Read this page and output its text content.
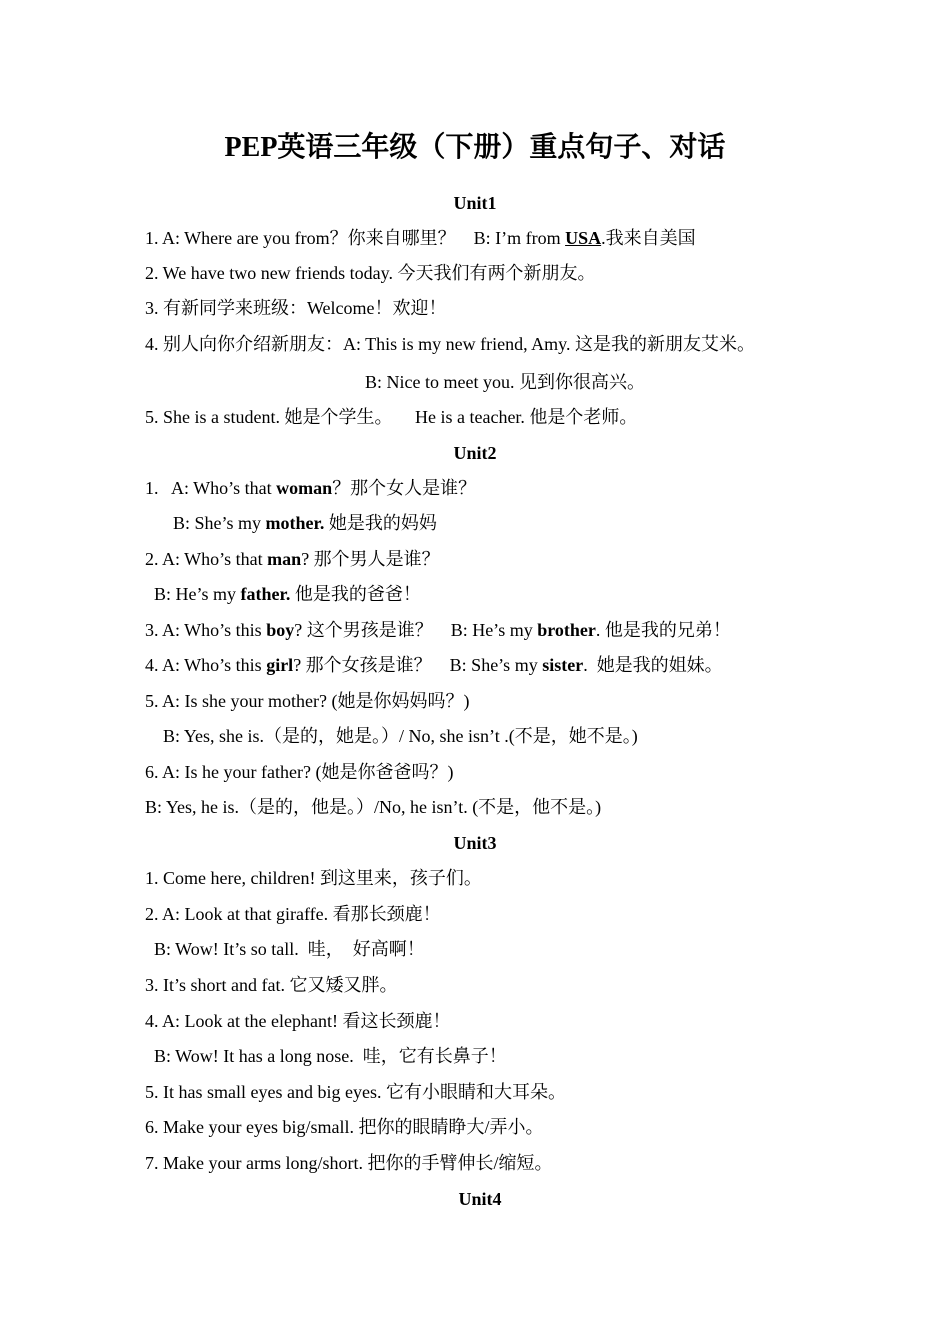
PEP英语三年级（下册）重点句子、对话
Unit1
1. A: Where are you from？你来自哪里？    B: I’m from USA.我来自美国
2. We have two new friends today. 今天我们有两个新朋友。
3. 有新同学来班级：Welcome！欢迎！
4. 别人向你介绍新朋友：A: This is my new friend, Amy. 这是我的新朋友艾米。
B: Nice to meet you. 见到你很高兴。
5. She is a student. 她是个学生。     He is a teacher. 他是个老师。
Unit2
1.   A: Who’s that woman？那个女人是谁？
B: She’s my mother. 她是我的妈妈
2. A: Who’s that man? 那个男人是谁？
B: He’s my father. 他是我的爸爸！
3. A: Who’s this boy? 这个男孩是谁？    B: He’s my brother. 他是我的兄弟！
4. A: Who’s this girl? 那个女孩是谁？    B: She’s my sister.  她是我的姐妹。
5. A: Is she your mother? (她是你妈妈吗？)
B: Yes, she is.（是的，她是。）/ No, she isn’t .(不是，她不是。)
6. A: Is he your father? (她是你爸爸吗？)
B: Yes, he is.（是的，他是。）/No, he isn’t. (不是，他不是。)
Unit3
1. Come here, children! 到这里来，孩子们。
2. A: Look at that giraffe. 看那长颈鹿！
B: Wow! It’s so tall.  哇，  好高啊！
3. It’s short and fat. 它又矮又胖。
4. A: Look at the elephant! 看这长颈鹿！
B: Wow! It has a long nose.  哇，它有长鼻子！
5. It has small eyes and big eyes. 它有小眼睛和大耳朵。
6. Make your eyes big/small. 把你的眼睛睁大/弄小。
7. Make your arms long/short. 把你的手臂伸长/缩短。
Unit4
